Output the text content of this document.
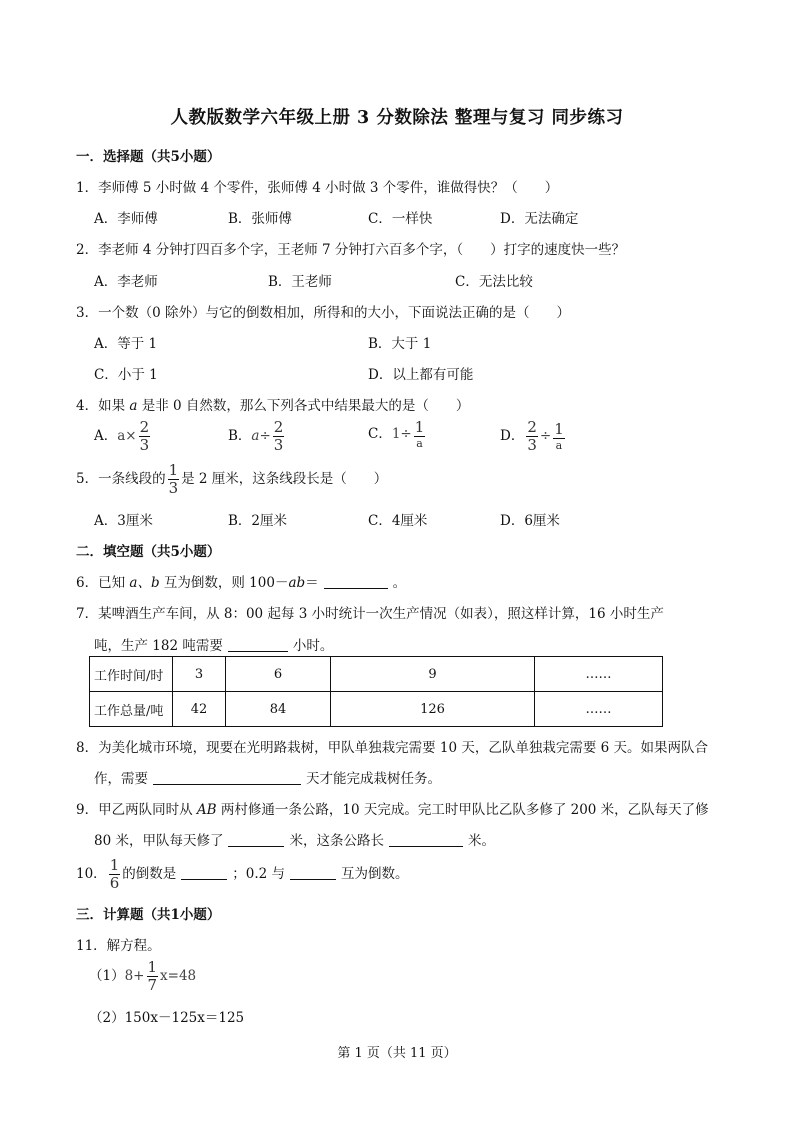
人教版数学六年级上册 3 分数除法 整理与复习 同步练习
一．选择题（共5小题）
1．李师傅 5 小时做 4 个零件，张师傅 4 小时做 3 个零件，谁做得快？（　　）
A．李师傅	B．张师傅	C．一样快	D．无法确定
2．李老师 4 分钟打四百多个字，王老师 7 分钟打六百多个字，（　　）打字的速度快一些？
A．李老师	B．王老师	C．无法比较
3．一个数（0 除外）与它的倒数相加，所得和的大小，下面说法正确的是（　　）
A．等于 1	B．大于 1
C．小于 1	D．以上都有可能
4．如果 a 是非 0 自然数，那么下列各式中结果最大的是（　　）
A．$a\times \frac{2}{3}$	B．$a\div \frac{2}{3}$	C．$1\div \frac{1}{a}$	D． $\frac{2}{3} \div \frac{1}{a}$
5．一条线段的 $\frac{1}{3}$ 是 2 厘米，这条线段长是（　　）
A．3厘米	B．2厘米	C．4厘米	D．6厘米
二．填空题（共5小题）
6．已知 a、b 互为倒数，则 100－ab＝	。
7．某啤酒生产车间，从 8：00 起每 3 小时统计一次生产情况（如表），照这样计算，16 小时生产
吨，生产 182 吨需要	小时。
工作时间/时	3	6	9	……
工作总量/吨	42	84	126	……
8．为美化城市环境，现要在光明路栽树，甲队单独栽完需要 10 天，乙队单独栽完需要 6 天。如果两队合
作，需要	天才能完成栽树任务。
9．甲乙两队同时从 AB 两村修通一条公路，10 天完成。完工时甲队比乙队多修了 200 米，乙队每天了修
80 米，甲队每天修了	米，这条公路长	米。
10． $\frac{1}{6}$ 的倒数是	；0.2 与	互为倒数。
三．计算题（共1小题）
11．解方程。
$(1)8+ \frac{1}{7} x=48$
（2）150x－125x＝125
第 1 页（共 11 页）
